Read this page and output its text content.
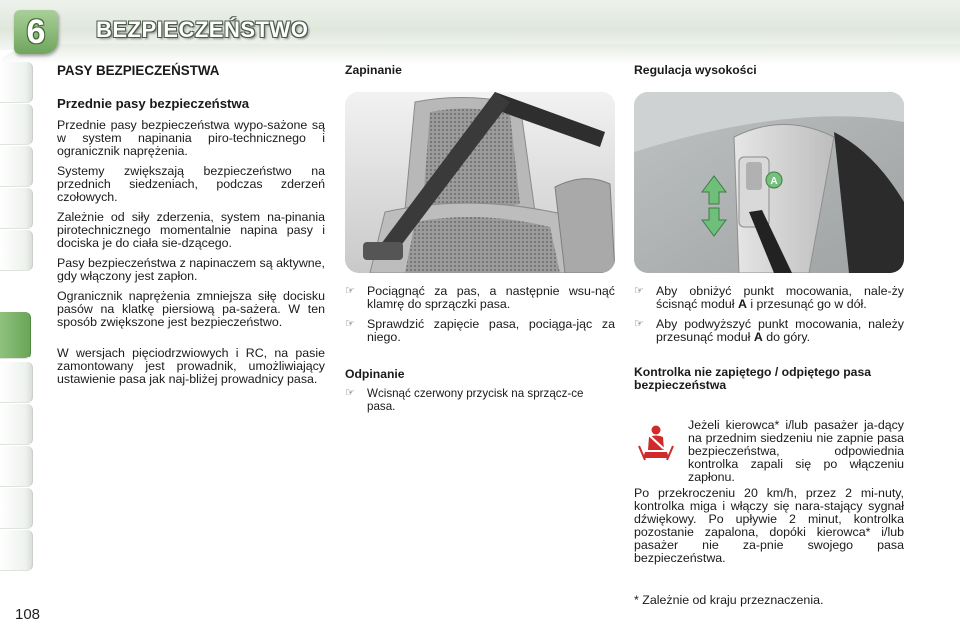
6 BEZPIECZEŃSTWO
108
PASY BEZPIECZEŃSTWA
Przednie pasy bezpieczeństwa

Przednie pasy bezpieczeństwa wypo-sażone są w system napinania piro-technicznego i ogranicznik naprężenia.

Systemy zwiększają bezpieczeństwo na przednich siedzeniach, podczas zderzeń czołowych.

Zależnie od siły zderzenia, system na-pinania pirotechnicznego momentalnie napina pasy i dociska je do ciała sie-dzącego.

Pasy bezpieczeństwa z napinaczem są aktywne, gdy włączony jest zapłon.

Ogranicznik naprężenia zmniejsza siłę docisku pasów na klatkę piersiową pa-sażera. W ten sposób zwiększone jest bezpieczeństwo.

W wersjach pięciodrzwiowych i RC, na pasie zamontowany jest prowadnik, umożliwiający ustawienie pasa jak naj-bliżej prowadnicy pasa.

Zapinanie
☞ Pociągnąć za pas, a następnie wsu-nąć klamrę do sprzączki pasa.
☞ Sprawdzić zapięcie pasa, pociąga-jąc za niego.
Odpinanie
☞	Wcisnąć czerwony przycisk na sprzącz-ce pasa.
Regulacja wysokości
A
☞ Aby obniżyć punkt mocowania, nale-ży ścisnąć moduł A i przesunąć go w dół.
☞ Aby podwyższyć punkt mocowania, należy przesunąć moduł A do góry.
Kontrolka nie zapiętego / odpiętego pasa bezpieczeństwa

Jeżeli kierowca* i/lub pasażer ja-dący na przednim siedzeniu nie zapnie pasa bezpieczeństwa, odpowiednia kontrolka zapali się po włączeniu zapłonu.

Po przekroczeniu 20 km/h, przez 2 mi-nuty, kontrolka miga i włączy się nara-stający sygnał dźwiękowy. Po upływie 2 minut, kontrolka pozostanie zapalona, dopóki kierowca* i/lub pasażer nie za-pnie swojego pasa bezpieczeństwa.

* Zależnie od kraju przeznaczenia.
